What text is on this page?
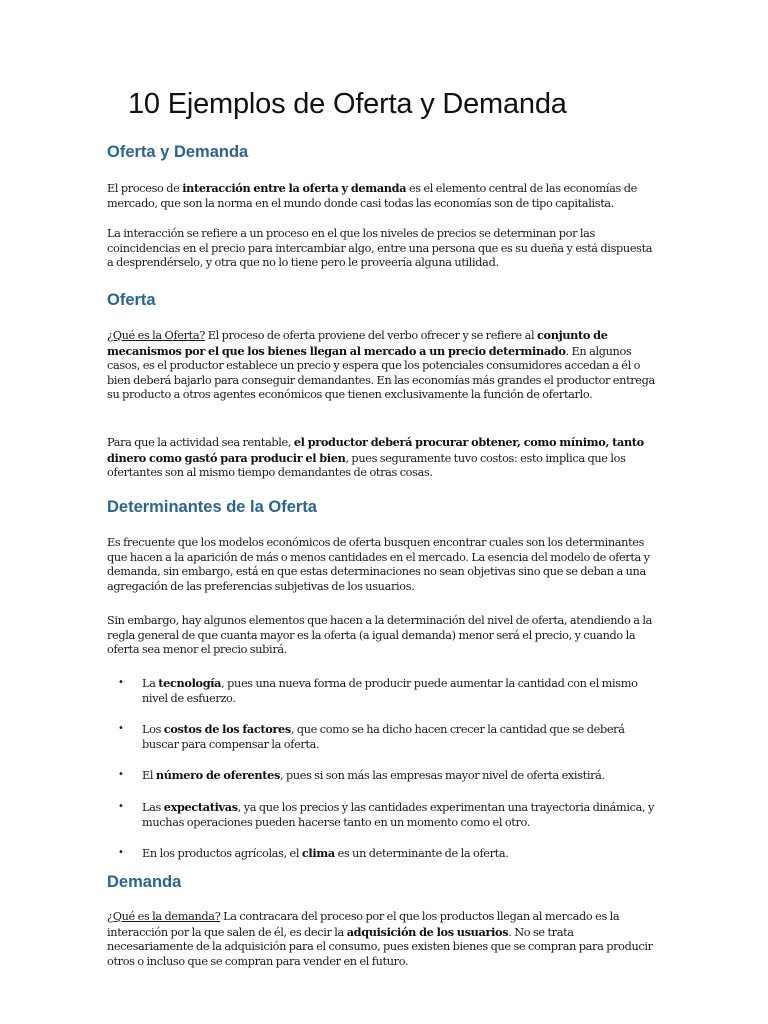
10 Ejemplos de Oferta y Demanda
Oferta y Demanda

El proceso de interacción entre la oferta y demanda es el elemento central de las economías de mercado, que son la norma en el mundo donde casi todas las economías son de tipo capitalista.

La interacción se refiere a un proceso en el que los niveles de precios se determinan por las coincidencias en el precio para intercambiar algo, entre una persona que es su dueña y está dispuesta a desprendérselo, y otra que no lo tiene pero le proveería alguna utilidad.

Oferta

¿Qué es la Oferta? El proceso de oferta proviene del verbo ofrecer y se refiere al conjunto de mecanismos por el que los bienes llegan al mercado a un precio determinado. En algunos casos, es el productor establece un precio y espera que los potenciales consumidores accedan a él o bien deberá bajarlo para conseguir demandantes. En las economías más grandes el productor entrega su producto a otros agentes económicos que tienen exclusivamente la función de ofertarlo.

Para que la actividad sea rentable, el productor deberá procurar obtener, como mínimo, tanto dinero como gastó para producir el bien, pues seguramente tuvo costos: esto implica que los ofertantes son al mismo tiempo demandantes de otras cosas.

Determinantes de la Oferta

Es frecuente que los modelos económicos de oferta busquen encontrar cuales son los determinantes que hacen a la aparición de más o menos cantidades en el mercado. La esencia del modelo de oferta y demanda, sin embargo, está en que estas determinaciones no sean objetivas sino que se deban a una agregación de las preferencias subjetivas de los usuarios.

Sin embargo, hay algunos elementos que hacen a la determinación del nivel de oferta, atendiendo a la regla general de que cuanta mayor es la oferta (a igual demanda) menor será el precio, y cuando la oferta sea menor el precio subirá.

• La tecnología, pues una nueva forma de producir puede aumentar la cantidad con el mismo nivel de esfuerzo.
• Los costos de los factores, que como se ha dicho hacen crecer la cantidad que se deberá buscar para compensar la oferta.
• El número de oferentes, pues si son más las empresas mayor nivel de oferta existirá.
• Las expectativas, ya que los precios y las cantidades experimentan una trayectoria dinámica, y muchas operaciones pueden hacerse tanto en un momento como el otro.
• En los productos agrícolas, el clima es un determinante de la oferta.
Demanda

¿Qué es la demanda? La contracara del proceso por el que los productos llegan al mercado es la interacción por la que salen de él, es decir la adquisición de los usuarios. No se trata necesariamente de la adquisición para el consumo, pues existen bienes que se compran para producir otros o incluso que se compran para vender en el futuro.
